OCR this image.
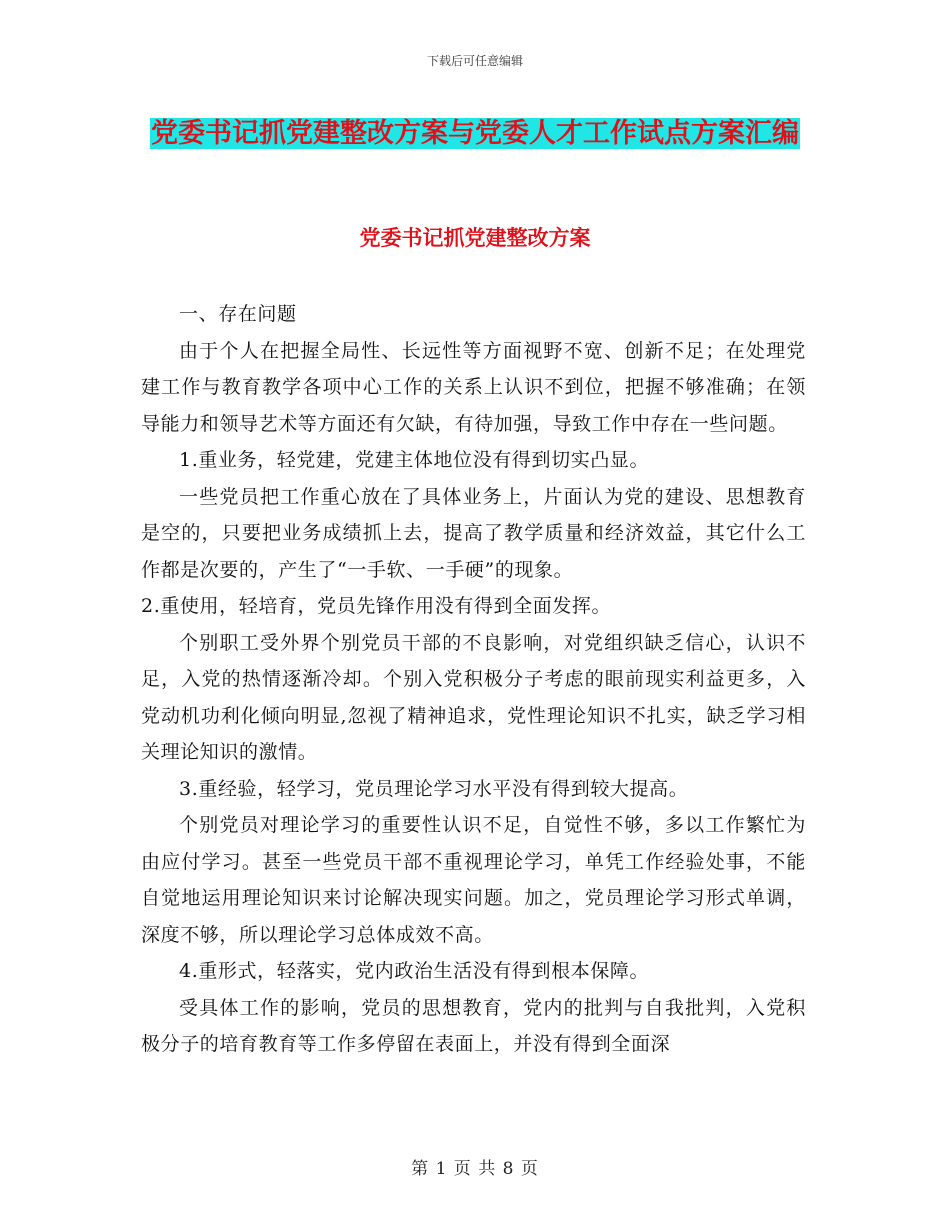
下载后可任意编辑
党委书记抓党建整改方案与党委人才工作试点方案汇编
党委书记抓党建整改方案

一、存在问题

由于个人在把握全局性、长远性等方面视野不宽、创新不足；在处理党建工作与教育教学各项中心工作的关系上认识不到位，把握不够准确；在领导能力和领导艺术等方面还有欠缺，有待加强，导致工作中存在一些问题。

1.重业务，轻党建，党建主体地位没有得到切实凸显。

一些党员把工作重心放在了具体业务上，片面认为党的建设、思想教育是空的，只要把业务成绩抓上去，提高了教学质量和经济效益，其它什么工作都是次要的，产生了“一手软、一手硬”的现象。

2.重使用，轻培育，党员先锋作用没有得到全面发挥。

个别职工受外界个别党员干部的不良影响，对党组织缺乏信心，认识不足，入党的热情逐渐冷却。个别入党积极分子考虑的眼前现实利益更多，入党动机功利化倾向明显,忽视了精神追求，党性理论知识不扎实，缺乏学习相关理论知识的激情。

3.重经验，轻学习，党员理论学习水平没有得到较大提高。

个别党员对理论学习的重要性认识不足，自觉性不够，多以工作繁忙为由应付学习。甚至一些党员干部不重视理论学习，单凭工作经验处事，不能自觉地运用理论知识来讨论解决现实问题。加之，党员理论学习形式单调，深度不够，所以理论学习总体成效不高。

4.重形式，轻落实，党内政治生活没有得到根本保障。

受具体工作的影响，党员的思想教育，党内的批判与自我批判，入党积极分子的培育教育等工作多停留在表面上，并没有得到全面深

第 1 页 共 8 页
